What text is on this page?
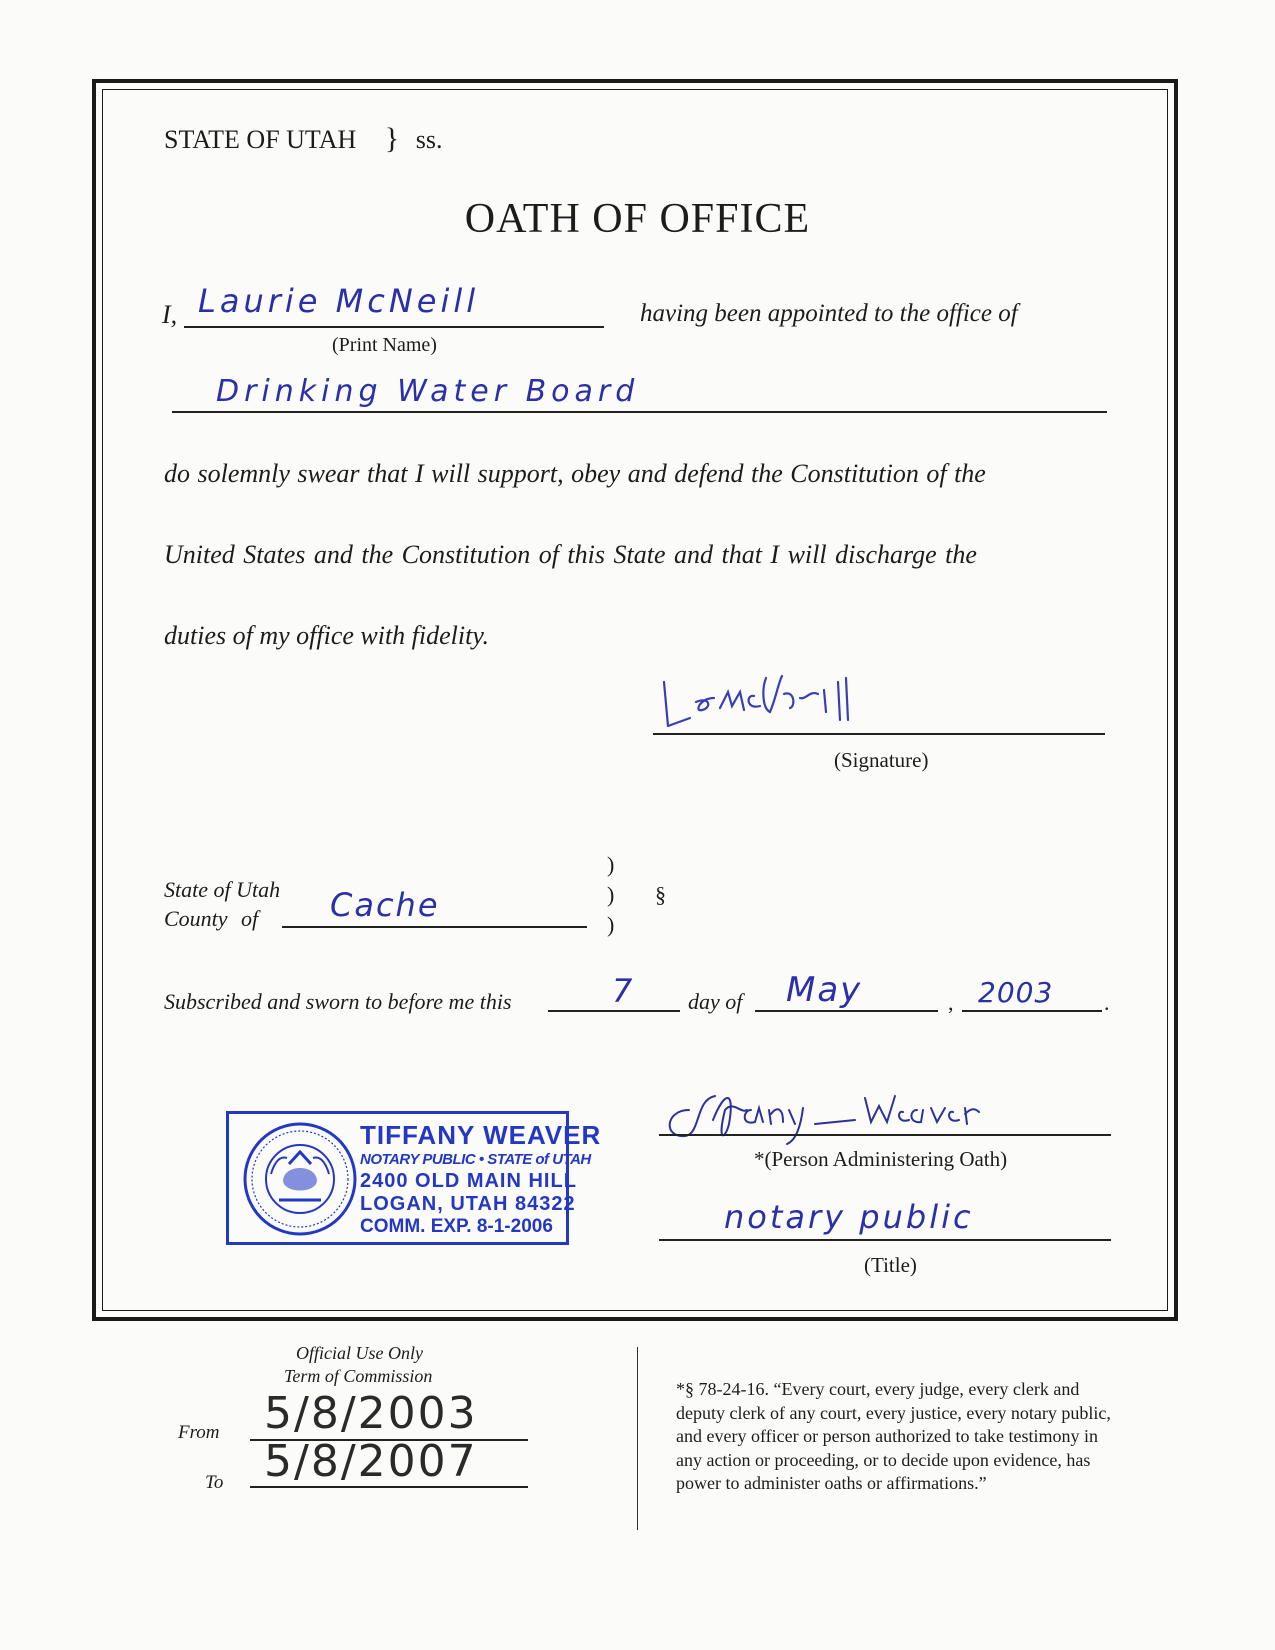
STATE OF UTAH } ss.
OATH OF OFFICE
I, Laurie McNeill
(Print Name)
having been appointed to the office of
Drinking Water Board
do solemnly swear that I will support, obey and defend the Constitution of the
United States and the Constitution of this State and that I will discharge the
duties of my office with fidelity.
(Signature)
State of Utah
County of Cache
)
)
)
§
Subscribed and sworn to before me this	7	day of May	, 2003 .
TIFFANY WEAVER
NOTARY PUBLIC • STATE of UTAH
2400 OLD MAIN HILL
LOGAN, UTAH 84322
COMM. EXP. 8-1-2006
*(Person Administering Oath)
notary public
(Title)
Official Use Only
Term of Commission
From 5/8/2003
To 5/8/2007
*§ 78-24-16. “Every court, every judge, every clerk and
deputy clerk of any court, every justice, every notary public,
and every officer or person authorized to take testimony in
any action or proceeding, or to decide upon evidence, has
power to administer oaths or affirmations.”
